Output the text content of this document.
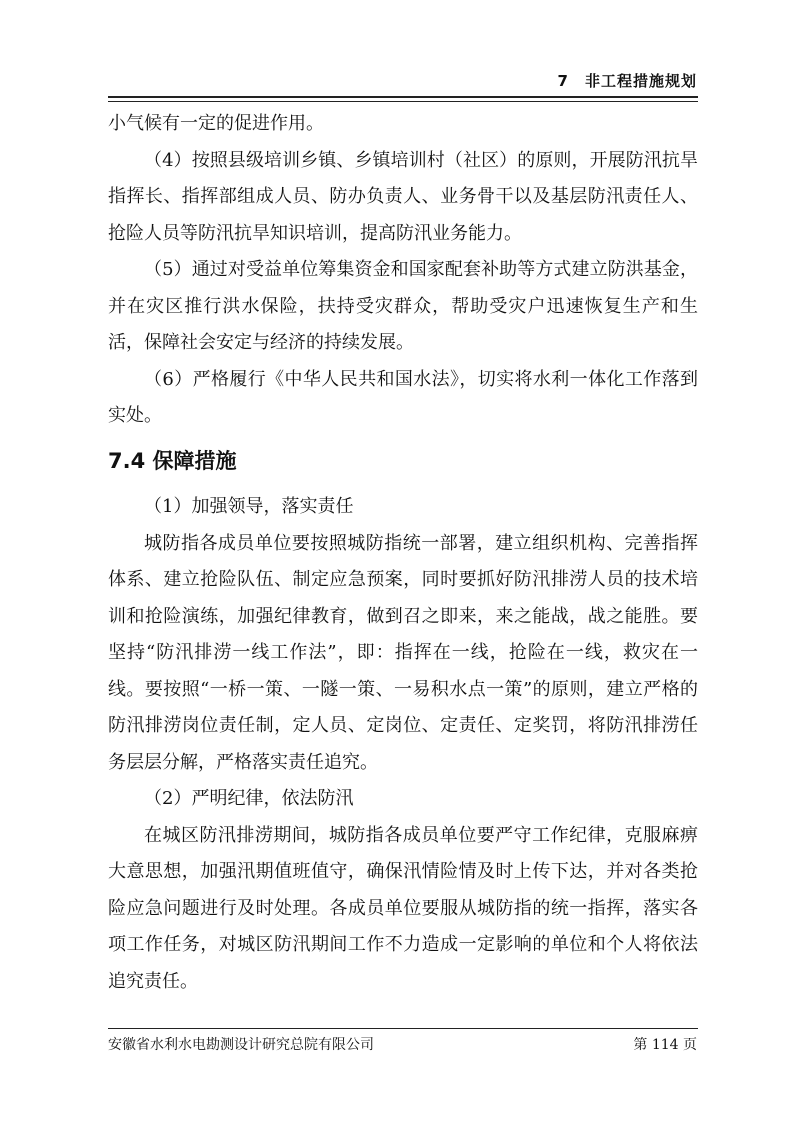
7　非工程措施规划

小气候有一定的促进作用。

（4）按照县级培训乡镇、乡镇培训村（社区）的原则，开展防汛抗旱指挥长、指挥部组成人员、防办负责人、业务骨干以及基层防汛责任人、抢险人员等防汛抗旱知识培训，提高防汛业务能力。

（5）通过对受益单位筹集资金和国家配套补助等方式建立防洪基金，并在灾区推行洪水保险，扶持受灾群众，帮助受灾户迅速恢复生产和生活，保障社会安定与经济的持续发展。

（6）严格履行《中华人民共和国水法》，切实将水利一体化工作落到实处。

7.4 保障措施

（1）加强领导，落实责任

城防指各成员单位要按照城防指统一部署，建立组织机构、完善指挥体系、建立抢险队伍、制定应急预案，同时要抓好防汛排涝人员的技术培训和抢险演练，加强纪律教育，做到召之即来，来之能战，战之能胜。要坚持“防汛排涝一线工作法”，即：指挥在一线，抢险在一线，救灾在一线。要按照“一桥一策、一隧一策、一易积水点一策”的原则，建立严格的防汛排涝岗位责任制，定人员、定岗位、定责任、定奖罚，将防汛排涝任务层层分解，严格落实责任追究。

（2）严明纪律，依法防汛

在城区防汛排涝期间，城防指各成员单位要严守工作纪律，克服麻痹大意思想，加强汛期值班值守，确保汛情险情及时上传下达，并对各类抢险应急问题进行及时处理。各成员单位要服从城防指的统一指挥，落实各项工作任务，对城区防汛期间工作不力造成一定影响的单位和个人将依法追究责任。

安徽省水利水电勘测设计研究总院有限公司	第 114 页
